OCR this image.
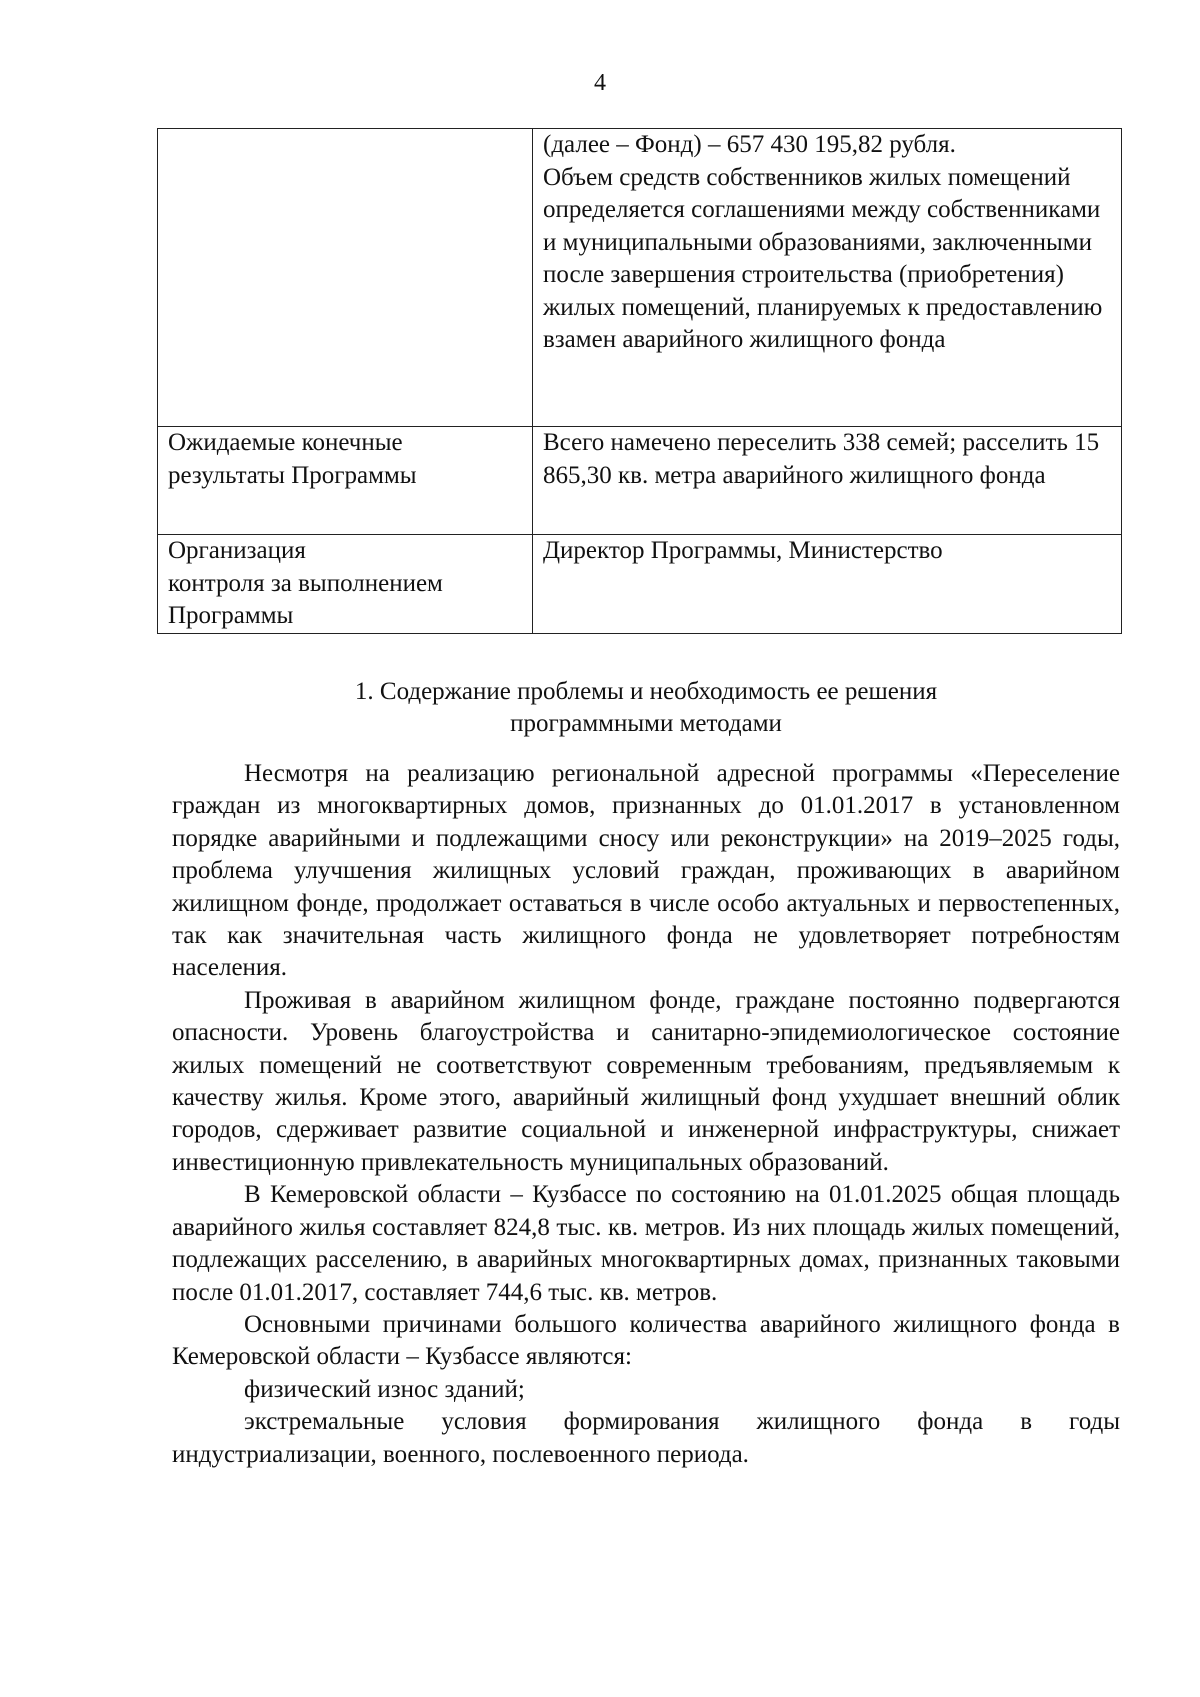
4

	(далее – Фонд) – 657 430 195,82 рубля.
Объем средств собственников жилых помещений определяется соглашениями между собственниками и муниципальными образованиями, заключенными после завершения строительства (приобретения) жилых помещений, планируемых к предоставлению взамен аварийного жилищного фонда

Ожидаемые конечные результаты Программы	Всего намечено переселить 338 семей; расселить 15 865,30 кв. метра аварийного жилищного фонда

Организация
контроля за выполнением Программы	Директор Программы, Министерство
1. Содержание проблемы и необходимость ее решения
программными методами

Несмотря на реализацию региональной адресной программы «Переселение граждан из многоквартирных домов, признанных до 01.01.2017 в установленном порядке аварийными и подлежащими сносу или реконструкции» на 2019–2025 годы, проблема улучшения жилищных условий граждан, проживающих в аварийном жилищном фонде, продолжает оставаться в числе особо актуальных и первостепенных, так как значительная часть жилищного фонда не удовлетворяет потребностям населения.

Проживая в аварийном жилищном фонде, граждане постоянно подвергаются опасности. Уровень благоустройства и санитарно-эпидемиологическое состояние жилых помещений не соответствуют современным требованиям, предъявляемым к качеству жилья. Кроме этого, аварийный жилищный фонд ухудшает внешний облик городов, сдерживает развитие социальной и инженерной инфраструктуры, снижает инвестиционную привлекательность муниципальных образований.

В Кемеровской области – Кузбассе по состоянию на 01.01.2025 общая площадь аварийного жилья составляет 824,8 тыс. кв. метров. Из них площадь жилых помещений, подлежащих расселению, в аварийных многоквартирных домах, признанных таковыми после 01.01.2017, составляет 744,6 тыс. кв. метров.

Основными причинами большого количества аварийного жилищного фонда в Кемеровской области – Кузбассе являются:

физический износ зданий;

экстремальные условия формирования жилищного фонда в годы индустриализации, военного, послевоенного периода.
